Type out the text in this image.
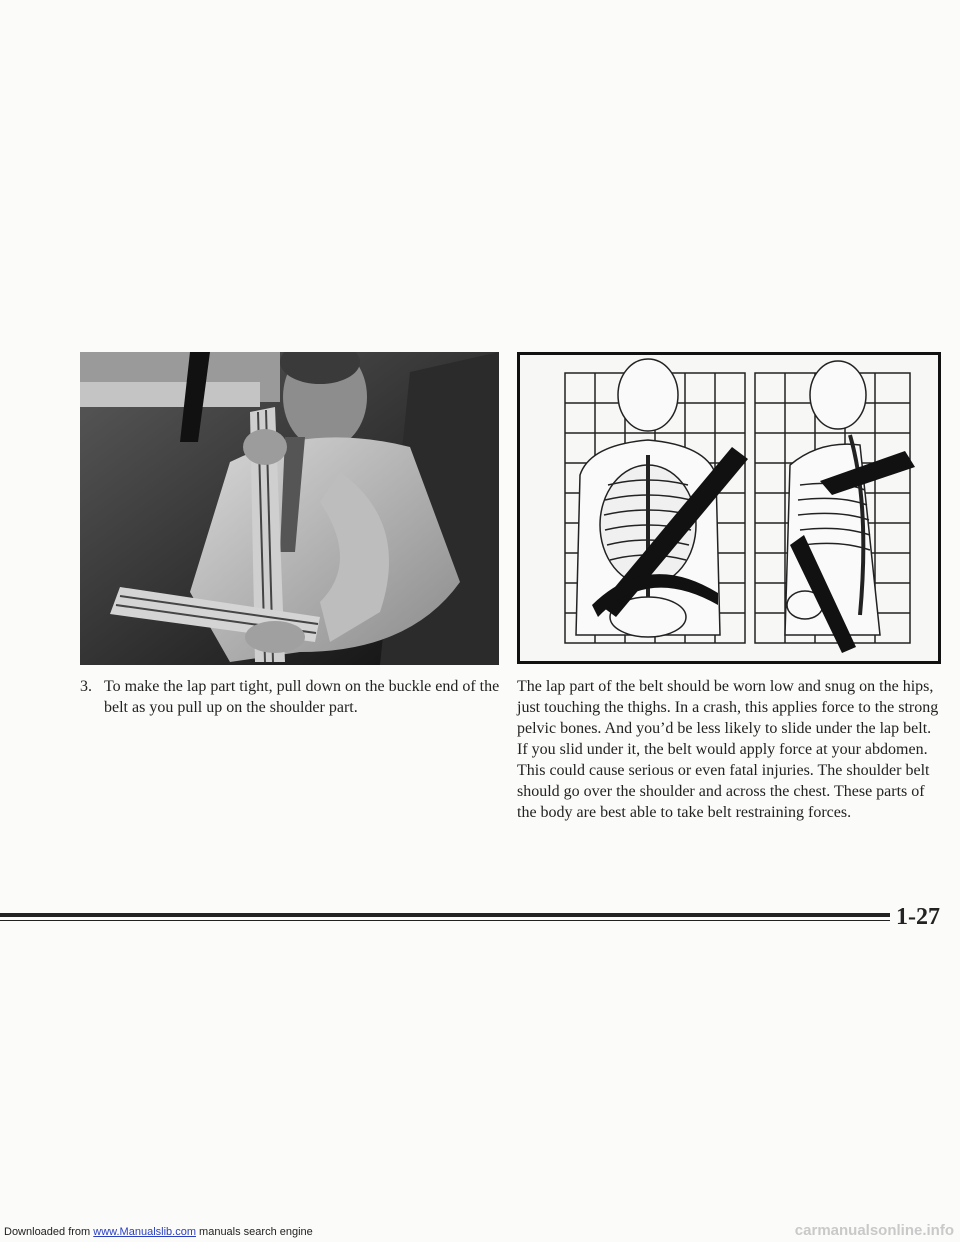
3. To make the lap part tight, pull down on the buckle end of the belt as you pull up on the shoulder part.

The lap part of the belt should be worn low and snug on the hips, just touching the thighs. In a crash, this applies force to the strong pelvic bones. And you’d be less likely to slide under the lap belt. If you slid under it, the belt would apply force at your abdomen. This could cause serious or even fatal injuries. The shoulder belt should go over the shoulder and across the chest. These parts of the body are best able to take belt restraining forces.

1-27
Downloaded from www.Manualslib.com manuals search engine	carmanualsonline.info
